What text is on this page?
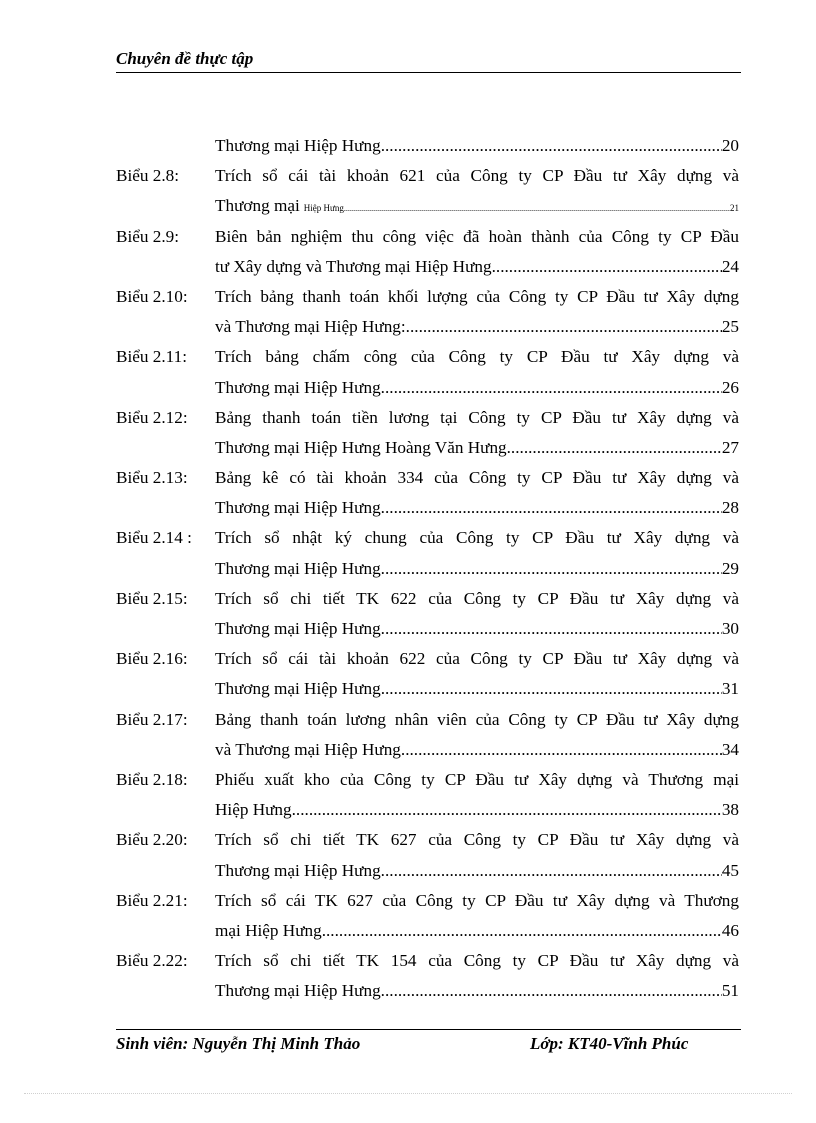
Chuyên đề thực tập
Thương mại Hiệp Hưng .....	20
Biểu 2.8: Trích sổ cái tài khoản 621 của Công ty CP Đầu tư Xây dựng và
Thương mại Hiệp Hưng .....	21
Biểu 2.9: Biên bản nghiệm thu công việc đã hoàn thành của Công ty CP Đầu
tư Xây dựng và Thương mại Hiệp Hưng .....	24
Biểu 2.10: Trích bảng thanh toán khối lượng của Công ty CP Đầu tư Xây dựng
và Thương mại Hiệp Hưng: .....	25
Biểu 2.11: Trích bảng chấm công của Công ty CP Đầu tư Xây dựng và
Thương mại Hiệp Hưng. .....	26
Biểu 2.12: Bảng thanh toán tiền lương tại Công ty CP Đầu tư Xây dựng và
Thương mại Hiệp Hưng Hoàng Văn Hưng .....	27
Biểu 2.13: Bảng kê có tài khoản 334 của Công ty CP Đầu tư Xây dựng và
Thương mại Hiệp Hưng. .....	28
Biểu 2.14 : Trích sổ nhật ký chung của Công ty CP Đầu tư Xây dựng và
Thương mại Hiệp Hưng. .....	29
Biểu 2.15: Trích sổ chi tiết TK 622 của Công ty CP Đầu tư Xây dựng và
Thương mại Hiệp Hưng. .....	30
Biểu 2.16: Trích sổ cái tài khoản 622 của Công ty CP Đầu tư Xây dựng và
Thương mại Hiệp Hưng .....	31
Biểu 2.17: Bảng thanh toán lương nhân viên của Công ty CP Đầu tư Xây dựng
và Thương mại Hiệp Hưng. .....	34
Biểu 2.18: Phiếu xuất kho của Công ty CP Đầu tư Xây dựng và Thương mại
Hiệp Hưng. .....	38
Biểu 2.20: Trích sổ chi tiết TK 627 của Công ty CP Đầu tư Xây dựng và
Thương mại Hiệp Hưng. .....	45
Biểu 2.21: Trích sổ cái TK 627 của Công ty CP Đầu tư Xây dựng và Thương
mại Hiệp Hưng. .....	46
Biểu 2.22: Trích sổ chi tiết TK 154 của Công ty CP Đầu tư Xây dựng và
Thương mại Hiệp Hưng. .....	51
Sinh viên: Nguyễn Thị Minh Thảo	Lớp: KT40-Vĩnh Phúc
